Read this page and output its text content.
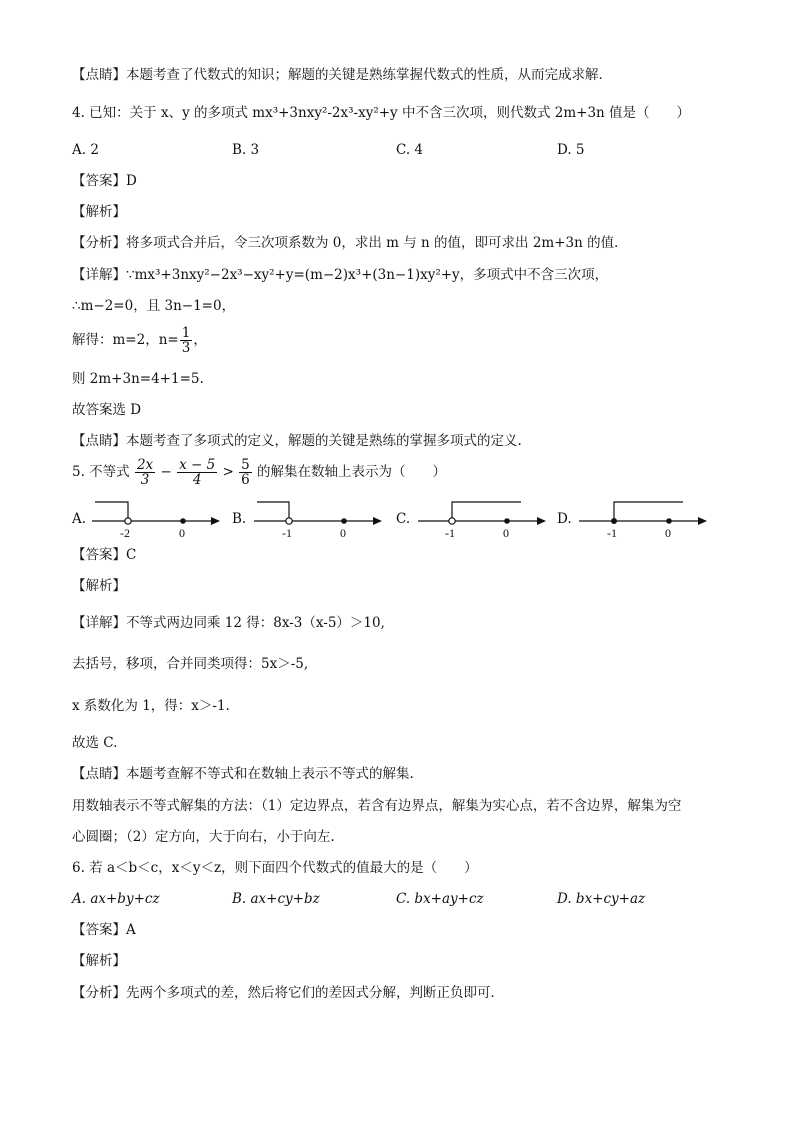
【点睛】本题考查了代数式的知识；解题的关键是熟练掌握代数式的性质，从而完成求解．
4. 已知：关于 x、y 的多项式 mx³+3nxy²-2x³-xy²+y 中不含三次项，则代数式 2m+3n 值是（　　）
A. 2	B. 3	C. 4	D. 5
【答案】D
【解析】
【分析】将多项式合并后，令三次项系数为 0，求出 m 与 n 的值，即可求出 2m+3n 的值．
【详解】∵mx³+3nxy²−2x³−xy²+y=(m−2)x³+(3n−1)xy²+y，多项式中不含三次项，
∴m−2=0，且 3n−1=0，
解得：m=2，$n= \frac{1}{3}$ ，
则 2m+3n=4+1=5.
故答案选 D
【点睛】本题考查了多项式的定义，解题的关键是熟练的掌握多项式的定义.
5. 不等式 $\frac{2x}{3} - \frac{x - 5}{4} > \frac{5}{6}$ 的解集在数轴上表示为（　　）
A.
-2	0
B.
-1	0
C.
-1	0
D.
-1	0
【答案】C
【解析】
【详解】不等式两边同乘 12 得：8x-3（x-5）＞10,
去括号，移项，合并同类项得：5x＞-5,
x 系数化为 1，得：x＞-1.
故选 C.
【点睛】本题考查解不等式和在数轴上表示不等式的解集.
用数轴表示不等式解集的方法：（1）定边界点，若含有边界点，解集为实心点，若不含边界，解集为空
心圆圈；（2）定方向，大于向右，小于向左.
6. 若 a＜b＜c，x＜y＜z，则下面四个代数式的值最大的是（　　）
A. ax+by+cz	B. ax+cy+bz	C. bx+ay+cz	D. bx+cy+az
【答案】A
【解析】
【分析】先两个多项式的差，然后将它们的差因式分解，判断正负即可．
